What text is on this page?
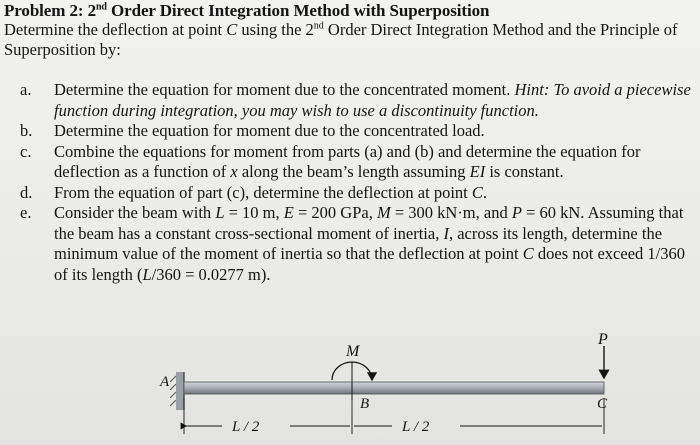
Problem 2: 2nd Order Direct Integration Method with Superposition
Determine the deflection at point C using the 2nd Order Direct Integration Method and the Principle of Superposition by:
a.	Determine the equation for moment due to the concentrated moment. Hint: To avoid a piecewise function during integration, you may wish to use a discontinuity function.
b.	Determine the equation for moment due to the concentrated load.
c.	Combine the equations for moment from parts (a) and (b) and determine the equation for deflection as a function of x along the beam’s length assuming EI is constant.
d.	From the equation of part (c), determine the deflection at point C.
e.	Consider the beam with L = 10 m, E = 200 GPa, M = 300 kN·m, and P = 60 kN. Assuming that the beam has a constant cross-sectional moment of inertia, I, across its length, determine the minimum value of the moment of inertia so that the deflection at point C does not exceed 1/360 of its length (L/360 = 0.0277 m).
M
P
A
B	C
L / 2	L / 2
